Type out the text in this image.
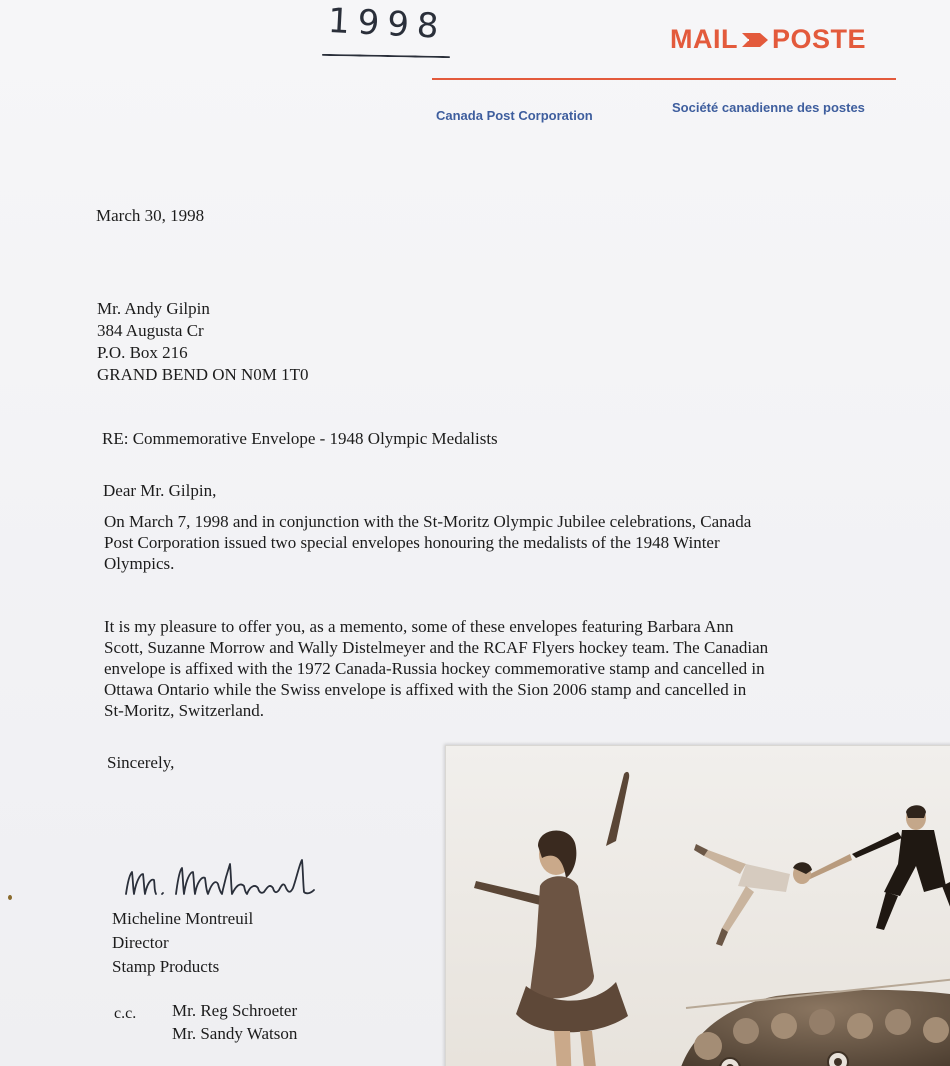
1998	MAIL POSTE
Canada Post Corporation
Société canadienne des postes
March 30, 1998
Mr. Andy Gilpin
384 Augusta Cr
P.O. Box 216
GRAND BEND ON N0M 1T0
RE: Commemorative Envelope - 1948 Olympic Medalists
Dear Mr. Gilpin,
On March 7, 1998 and in conjunction with the St-Moritz Olympic Jubilee celebrations, Canada
Post Corporation issued two special envelopes honouring the medalists of the 1948 Winter
Olympics.
It is my pleasure to offer you, as a memento, some of these envelopes featuring Barbara Ann
Scott, Suzanne Morrow and Wally Distelmeyer and the RCAF Flyers hockey team. The Canadian
envelope is affixed with the 1972 Canada-Russia hockey commemorative stamp and cancelled in
Ottawa Ontario while the Swiss envelope is affixed with the Sion 2006 stamp and cancelled in
St-Moritz, Switzerland.
Sincerely,
Micheline Montreuil
Director
Stamp Products
c.c. Mr. Reg Schroeter
Mr. Sandy Watson
